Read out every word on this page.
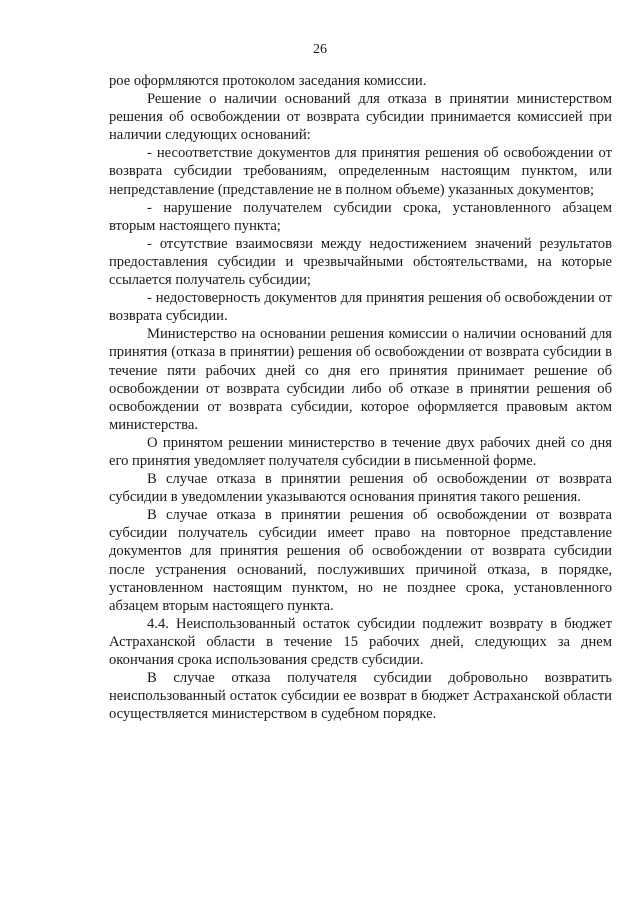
26

рое оформляются протоколом заседания комиссии.

Решение о наличии оснований для отказа в принятии министерством решения об освобождении от возврата субсидии принимается комиссией при наличии следующих оснований:

- несоответствие документов для принятия решения об освобождении от возврата субсидии требованиям, определенным настоящим пунктом, или непредставление (представление не в полном объеме) указанных документов;

- нарушение получателем субсидии срока, установленного абзацем вторым настоящего пункта;

- отсутствие взаимосвязи между недостижением значений результатов предоставления субсидии и чрезвычайными обстоятельствами, на которые ссылается получатель субсидии;

- недостоверность документов для принятия решения об освобождении от возврата субсидии.

Министерство на основании решения комиссии о наличии оснований для принятия (отказа в принятии) решения об освобождении от возврата субсидии в течение пяти рабочих дней со дня его принятия принимает решение об освобождении от возврата субсидии либо об отказе в принятии решения об освобождении от возврата субсидии, которое оформляется правовым актом министерства.

О принятом решении министерство в течение двух рабочих дней со дня его принятия уведомляет получателя субсидии в письменной форме.

В случае отказа в принятии решения об освобождении от возврата субсидии в уведомлении указываются основания принятия такого решения.

В случае отказа в принятии решения об освобождении от возврата субсидии получатель субсидии имеет право на повторное представление документов для принятия решения об освобождении от возврата субсидии после устранения оснований, послуживших причиной отказа, в порядке, установленном настоящим пунктом, но не позднее срока, установленного абзацем вторым настоящего пункта.

4.4. Неиспользованный остаток субсидии подлежит возврату в бюджет Астраханской области в течение 15 рабочих дней, следующих за днем окончания срока использования средств субсидии.

В случае отказа получателя субсидии добровольно возвратить неиспользованный остаток субсидии ее возврат в бюджет Астраханской области осуществляется министерством в судебном порядке.
